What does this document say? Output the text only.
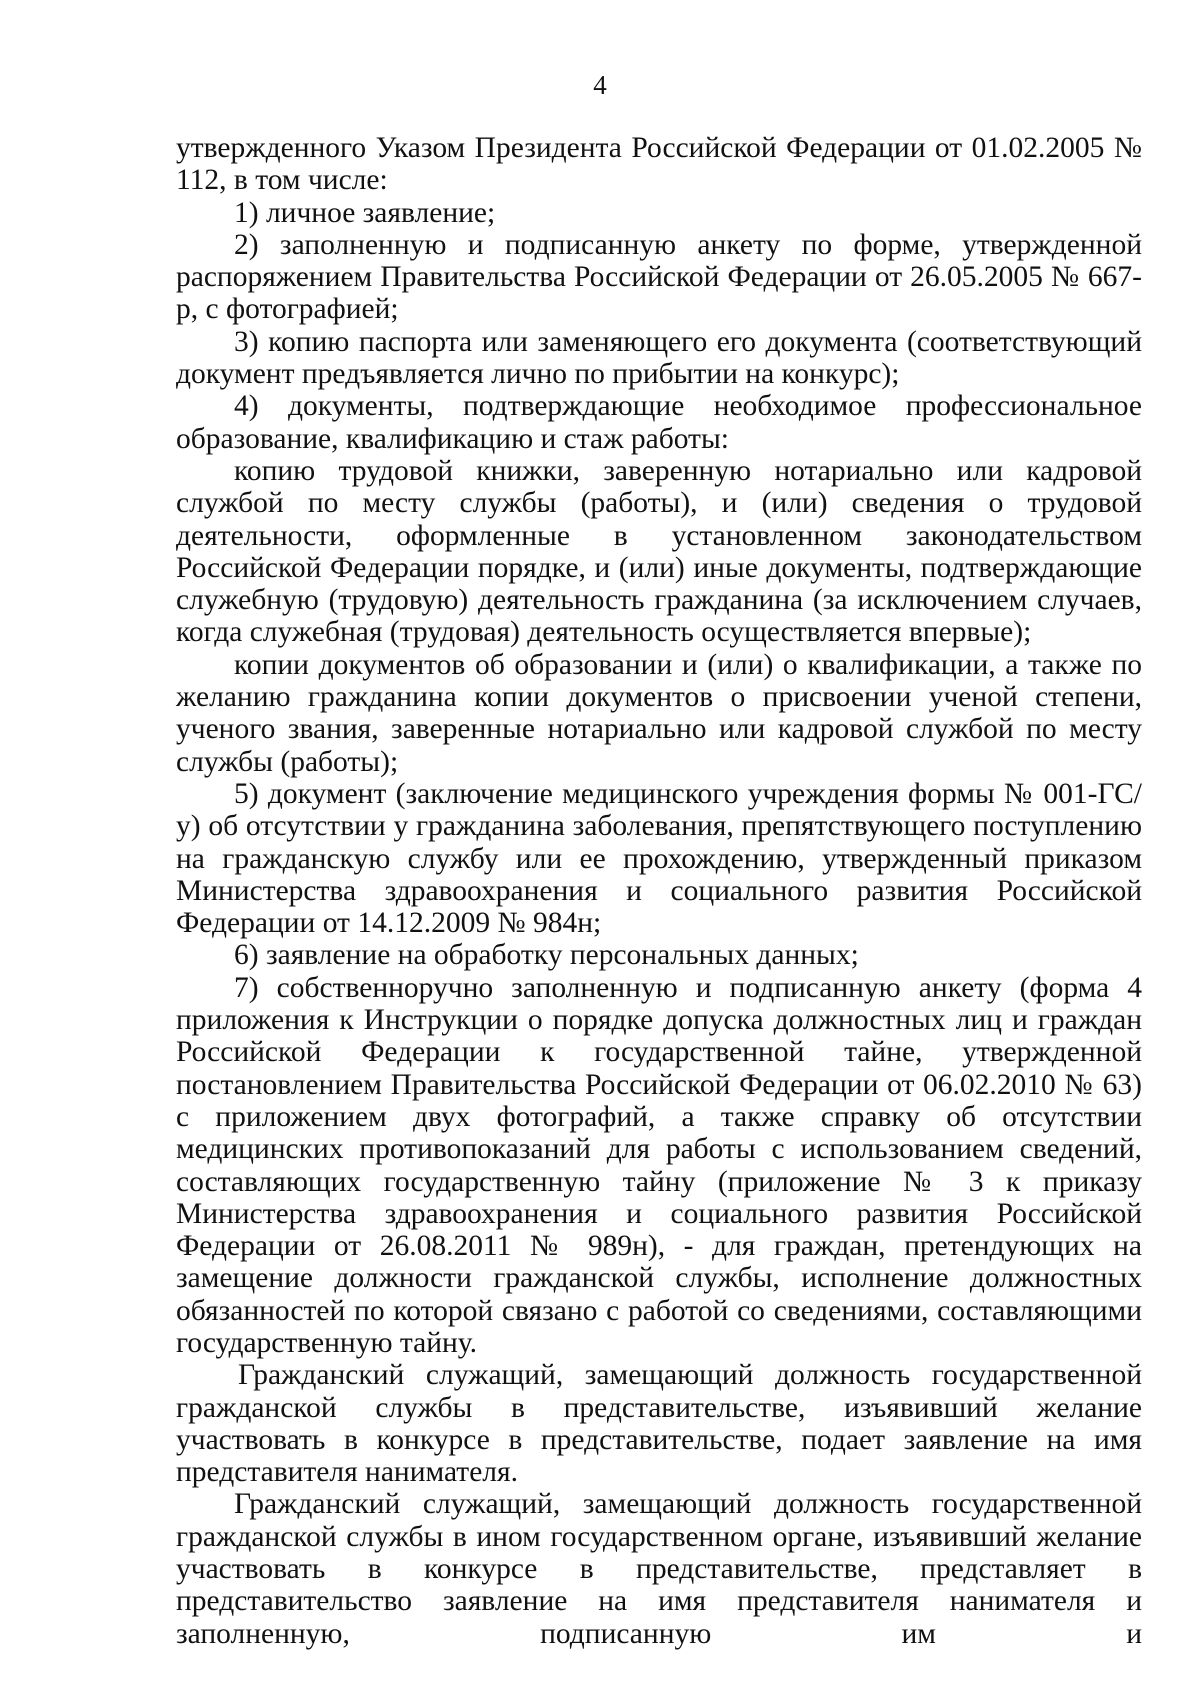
4

утвержденного Указом Президента Российской Федерации от 01.02.2005 № 112, в том числе:

1) личное заявление;

2) заполненную и подписанную анкету по форме, утвержденной распоряжением Правительства Российской Федерации от 26.05.2005 № 667-р, с фотографией;

3) копию паспорта или заменяющего его документа (соответствующий документ предъявляется лично по прибытии на конкурс);

4) документы, подтверждающие необходимое профессиональное образование, квалификацию и стаж работы:

копию трудовой книжки, заверенную нотариально или кадровой службой по месту службы (работы), и (или) сведения о трудовой деятельности, оформленные в установленном законодательством Российской Федерации порядке, и (или) иные документы, подтверждающие служебную (трудовую) деятельность гражданина (за исключением случаев, когда служебная (трудовая) деятельность осуществляется впервые);

копии документов об образовании и (или) о квалификации, а также по желанию гражданина копии документов о присвоении ученой степени, ученого звания, заверенные нотариально или кадровой службой по месту службы (работы);

5) документ (заключение медицинского учреждения формы № 001-ГС/у) об отсутствии у гражданина заболевания, препятствующего поступлению на гражданскую службу или ее прохождению, утвержденный приказом Министерства здравоохранения и социального развития Российской Федерации от 14.12.2009 № 984н;

6) заявление на обработку персональных данных;

7) собственноручно заполненную и подписанную анкету (форма 4 приложения к Инструкции о порядке допуска должностных лиц и граждан Российской Федерации к государственной тайне, утвержденной постановлением Правительства Российской Федерации от 06.02.2010 № 63) с приложением двух фотографий, а также справку об отсутствии медицинских противопоказаний для работы с использованием сведений, составляющих государственную тайну (приложение № 3 к приказу Министерства здравоохранения и социального развития Российской Федерации от 26.08.2011 № 989н), - для граждан, претендующих на замещение должности гражданской службы, исполнение должностных обязанностей по которой связано с работой со сведениями, составляющими государственную тайну.

Гражданский служащий, замещающий должность государственной гражданской службы в представительстве, изъявивший желание участвовать в конкурсе в представительстве, подает заявление на имя представителя нанимателя.

Гражданский служащий, замещающий должность государственной гражданской службы в ином государственном органе, изъявивший желание участвовать в конкурсе в представительстве, представляет в представительство заявление на имя представителя нанимателя и заполненную, подписанную им и
